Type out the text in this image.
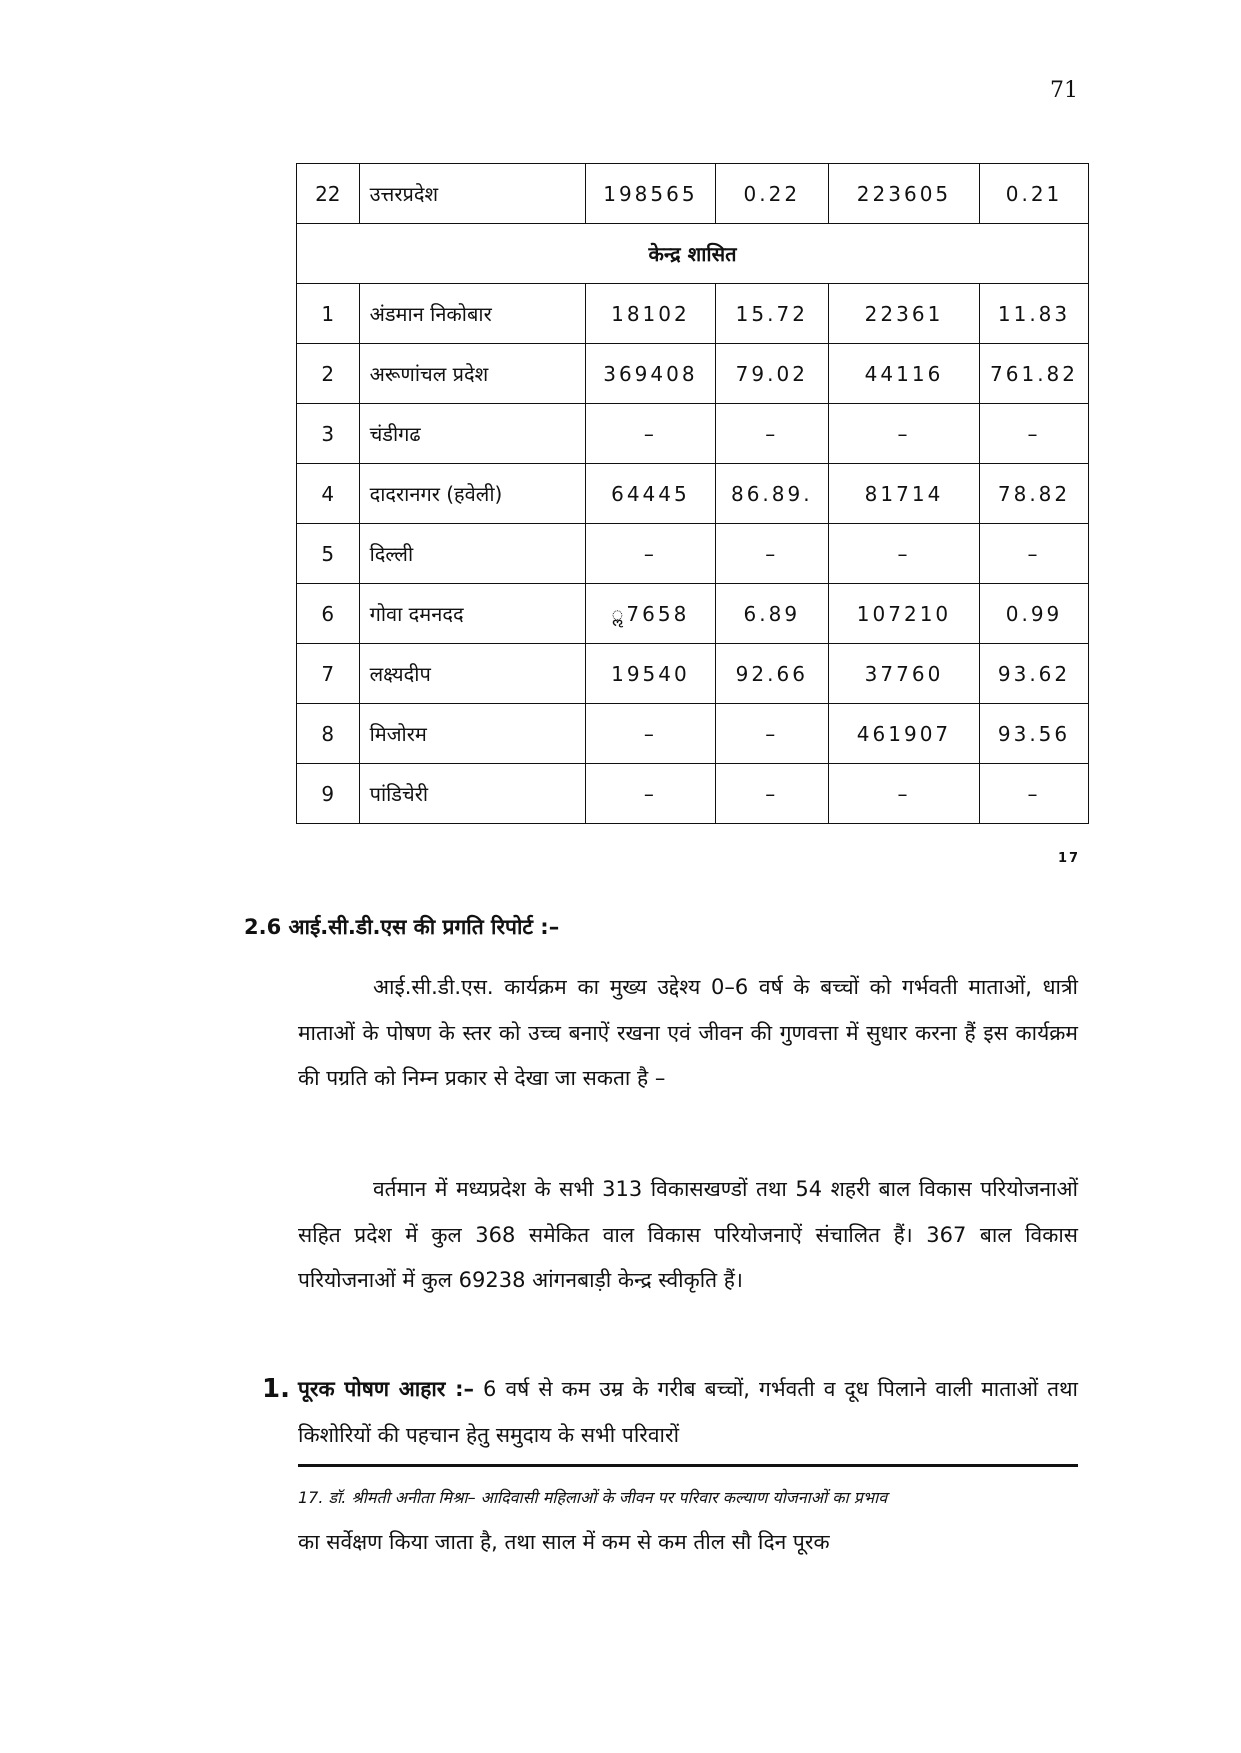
71
22	उत्तरप्रदेश	198565	0.22	223605	0.21
केन्द्र शासित					
1	अंडमान निकोबार	18102	15.72	22361	11.83
2	अरूणांचल प्रदेश	369408	79.02	44116	761.82
3	चंडीगढ	–	–	–	–
4	दादरानगर (हवेली)	64445	86.89.	81714	78.82
5	दिल्ली	–	–	–	–
6	गोवा दमनदद	ॢ7658	6.89	107210	0.99
7	लक्ष्यदीप	19540	92.66	37760	93.62
8	मिजोरम	–	–	461907	93.56
9	पांडिचेरी	–	–	–	–
17
2.6 आई.सी.डी.एस की प्रगति रिपोर्ट :–

आई.सी.डी.एस. कार्यक्रम का मुख्य उद्देश्य 0–6 वर्ष के बच्चों को गर्भवती माताओं, धात्री माताओं के पोषण के स्तर को उच्च बनाऐं रखना एवं जीवन की गुणवत्ता में सुधार करना हैं इस कार्यक्रम की पग्रति को निम्न प्रकार से देखा जा सकता है –

वर्तमान में मध्यप्रदेश के सभी 313 विकासखण्डों तथा 54 शहरी बाल विकास परियोजनाओं सहित प्रदेश में कुल 368 समेकित वाल विकास परियोजनाऐं संचालित हैं। 367 बाल विकास परियोजनाओं में कुल 69238 आंगनबाड़ी केन्द्र स्वीकृति हैं।

1. पूरक पोषण आहार :– 6 वर्ष से कम उम्र के गरीब बच्चों, गर्भवती व दूध पिलाने वाली माताओं तथा किशोरियों की पहचान हेतु समुदाय के सभी परिवारों

17. डॉ. श्रीमती अनीता मिश्रा– आदिवासी महिलाओं के जीवन पर परिवार कल्याण योजनाओं का प्रभाव

का सर्वेक्षण किया जाता है, तथा साल में कम से कम तील सौ दिन पूरक
